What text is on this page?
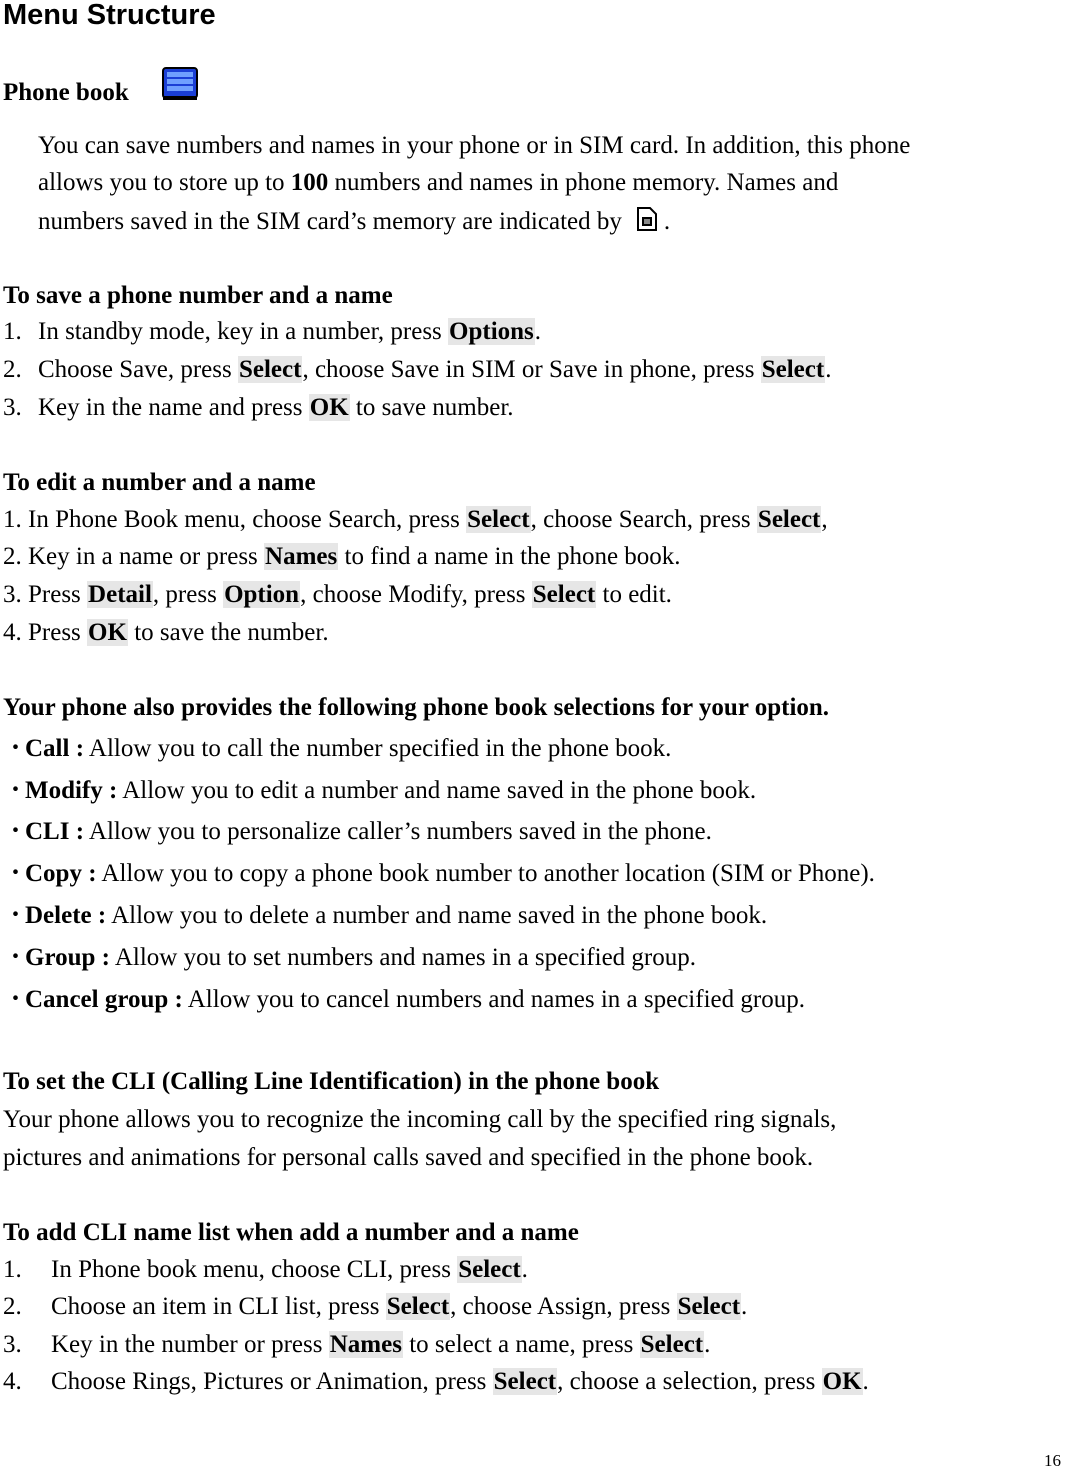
Menu Structure
Phone book
You can save numbers and names in your phone or in SIM card. In addition, this phone
allows you to store up to 100 numbers and names in phone memory. Names and
numbers saved in the SIM card’s memory are indicated by .
To save a phone number and a name
1. In standby mode, key in a number, press Options.
2. Choose Save, press Select, choose Save in SIM or Save in phone, press Select.
3. Key in the name and press OK to save number.
To edit a number and a name
1. In Phone Book menu, choose Search, press Select, choose Search, press Select,
2. Key in a name or press Names to find a name in the phone book.
3. Press Detail, press Option, choose Modify, press Select to edit.
4. Press OK to save the number.
Your phone also provides the following phone book selections for your option.
・Call : Allow you to call the number specified in the phone book.
・Modify : Allow you to edit a number and name saved in the phone book.
・CLI : Allow you to personalize caller’s numbers saved in the phone.
・Copy : Allow you to copy a phone book number to another location (SIM or Phone).
・Delete : Allow you to delete a number and name saved in the phone book.
・Group : Allow you to set numbers and names in a specified group.
・Cancel group : Allow you to cancel numbers and names in a specified group.
To set the CLI (Calling Line Identification) in the phone book
Your phone allows you to recognize the incoming call by the specified ring signals,
pictures and animations for personal calls saved and specified in the phone book.
To add CLI name list when add a number and a name
1. In Phone book menu, choose CLI, press Select.
2. Choose an item in CLI list, press Select, choose Assign, press Select.
3. Key in the number or press Names to select a name, press Select.
4. Choose Rings, Pictures or Animation, press Select, choose a selection, press OK.
16
